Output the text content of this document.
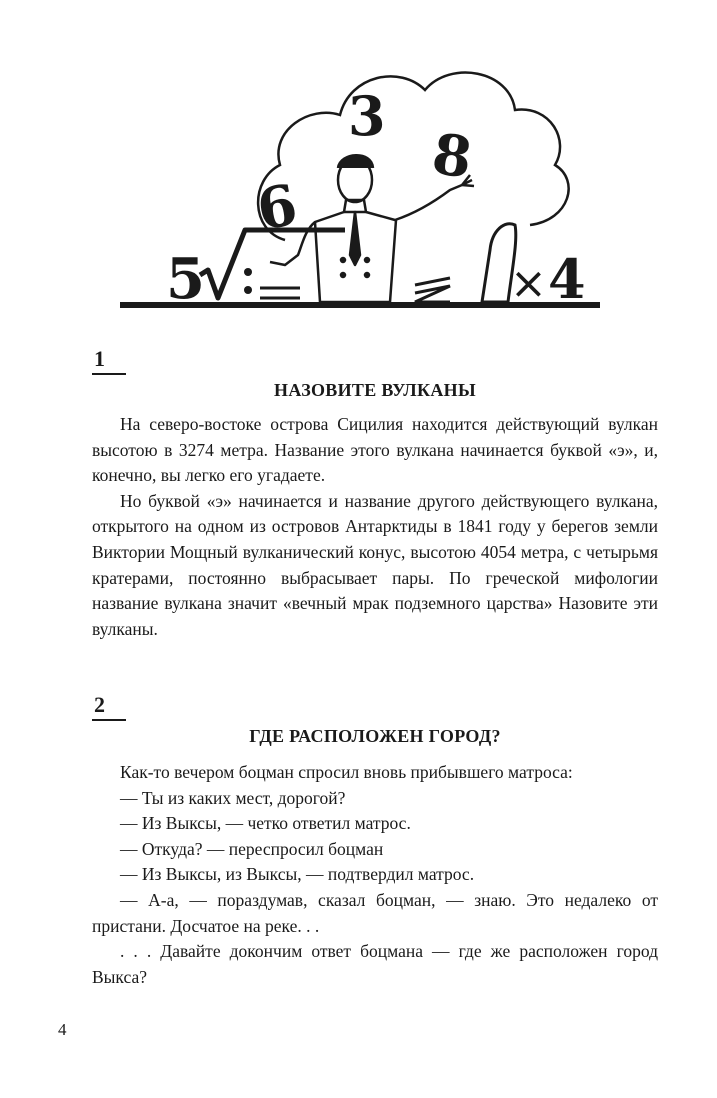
5
6
3
8
× 4
1
НАЗОВИТЕ ВУЛКАНЫ

На северо-востоке острова Сицилия находится действующий вулкан высотою в 3274 метра. Название этого вулкана начинается буквой «э», и, конечно, вы легко его угадаете.

Но буквой «э» начинается и название другого действующего вулкана, открытого на одном из островов Антарктиды в 1841 году у берегов земли Виктории Мощный вулканический конус, высотою 4054 метра, с четырьмя кратерами, постоянно выбрасывает пары. По греческой мифологии название вулкана значит «вечный мрак подземного царства» Назовите эти вулканы.

2
ГДЕ РАСПОЛОЖЕН ГОРОД?

Как-то вечером боцман спросил вновь прибывшего матроса:

— Ты из каких мест, дорогой?

— Из Выксы, — четко ответил матрос.

— Откуда? — переспросил боцман

— Из Выксы, из Выксы, — подтвердил матрос.

— А-а, — пораздумав, сказал боцман, — знаю. Это недалеко от пристани. Досчатое на реке. . .

. . . Давайте докончим ответ боцмана — где же расположен город Выкса?

4
